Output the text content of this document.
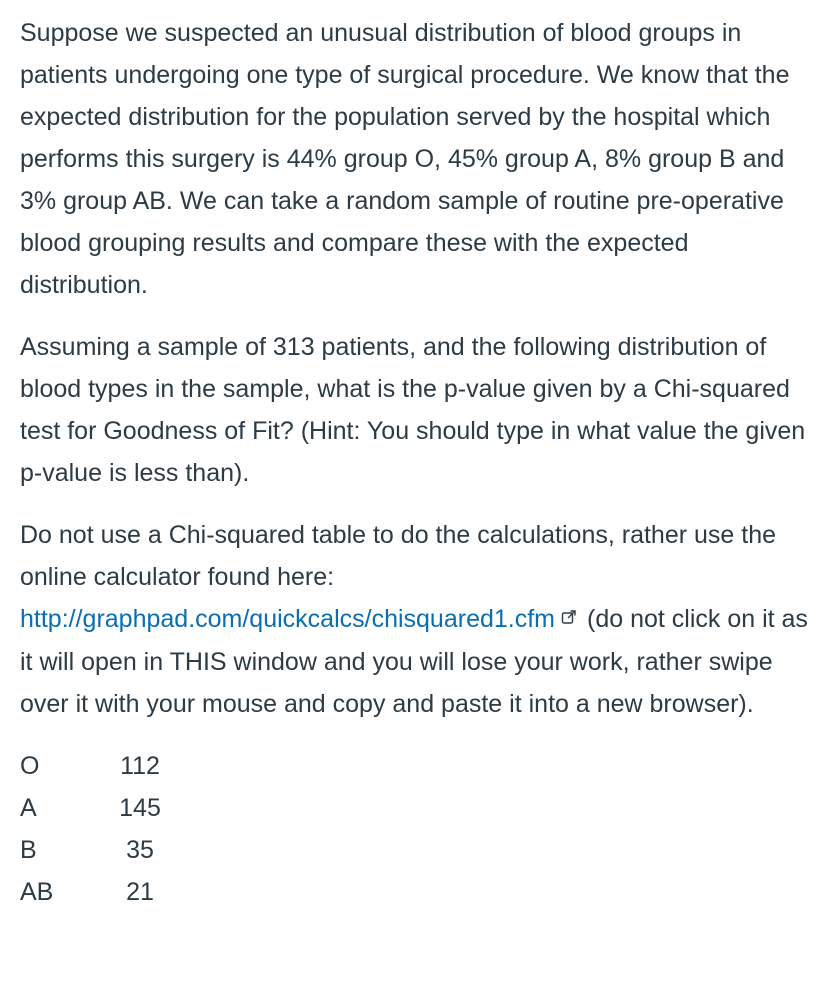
Suppose we suspected an unusual distribution of blood groups in patients undergoing one type of surgical procedure. We know that the expected distribution for the population served by the hospital which performs this surgery is 44% group O, 45% group A, 8% group B and 3% group AB. We can take a random sample of routine pre-operative blood grouping results and compare these with the expected distribution.

Assuming a sample of 313 patients, and the following distribution of blood types in the sample, what is the p-value given by a Chi-squared test for Goodness of Fit? (Hint: You should type in what value the given p-value is less than).

Do not use a Chi-squared table to do the calculations, rather use the online calculator found here: http://graphpad.com/quickcalcs/chisquared1.cfm (do not click on it as it will open in THIS window and you will lose your work, rather swipe over it with your mouse and copy and paste it into a new browser).

O	112
A	145
B	35
AB	21
